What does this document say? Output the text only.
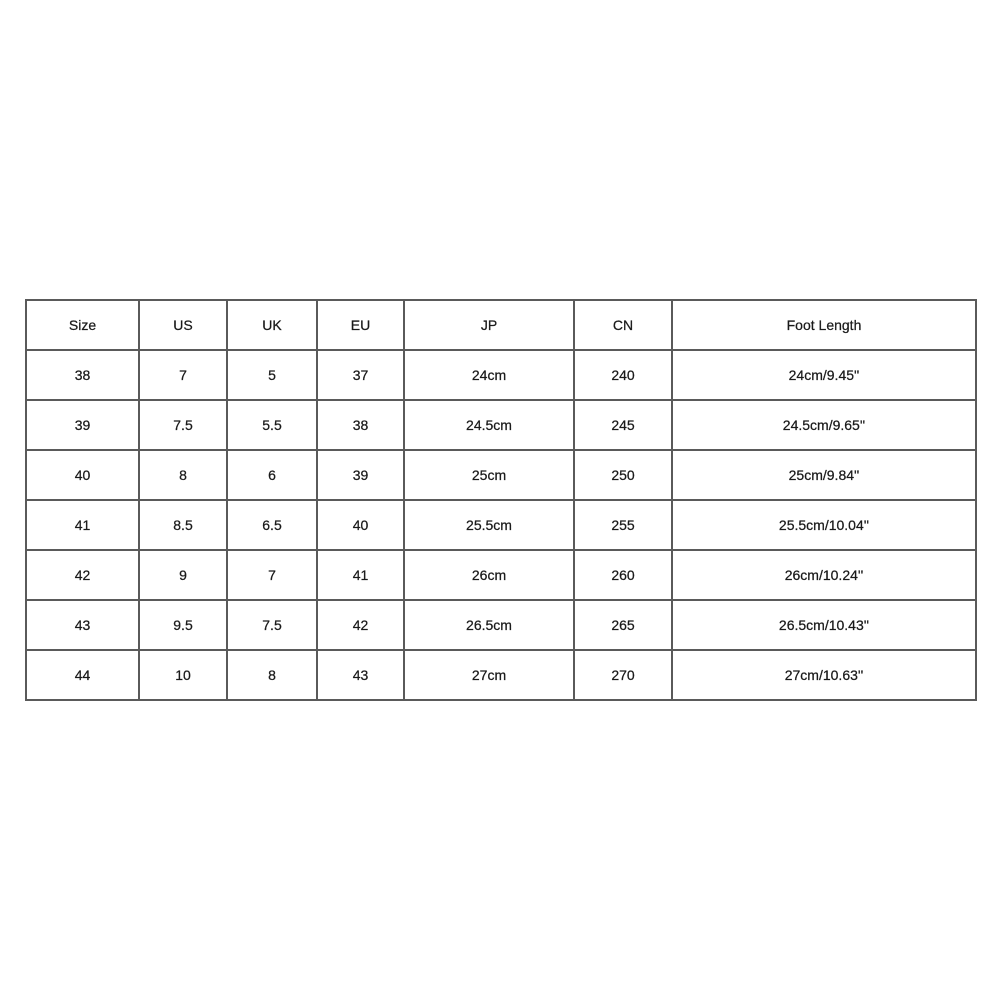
Size	US	UK	EU	JP	CN	Foot Length
38	7	5	37	24cm	240	24cm/9.45''
39	7.5	5.5	38	24.5cm	245	24.5cm/9.65''
40	8	6	39	25cm	250	25cm/9.84''
41	8.5	6.5	40	25.5cm	255	25.5cm/10.04''
42	9	7	41	26cm	260	26cm/10.24''
43	9.5	7.5	42	26.5cm	265	26.5cm/10.43''
44	10	8	43	27cm	270	27cm/10.63''
